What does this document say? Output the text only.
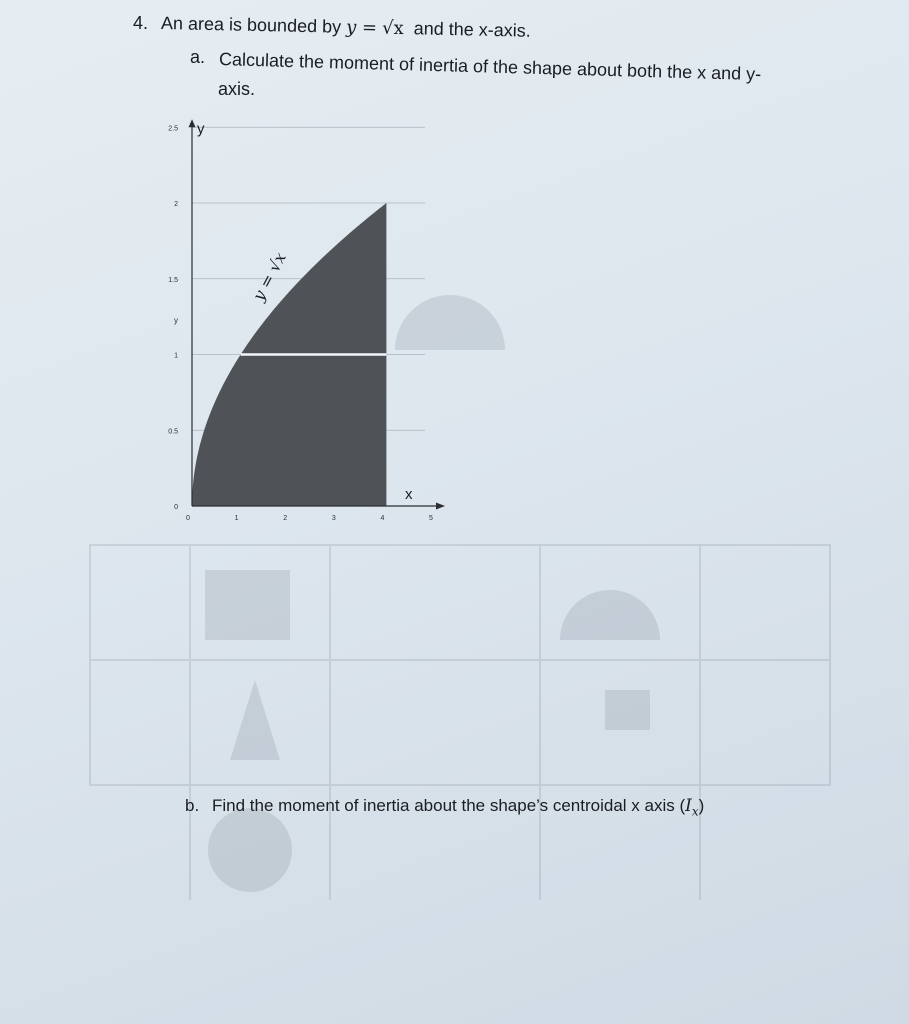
4. An area is bounded by y = √x and the x-axis.
a. Calculate the moment of inertia of the shape about both the x and y-
axis.
0
0.5
1
1.5
2
2.5
0	1	2	3	4	5
y
x
y
y = √x
b. Find the moment of inertia about the shape’s centroidal x axis $(I_x)$
